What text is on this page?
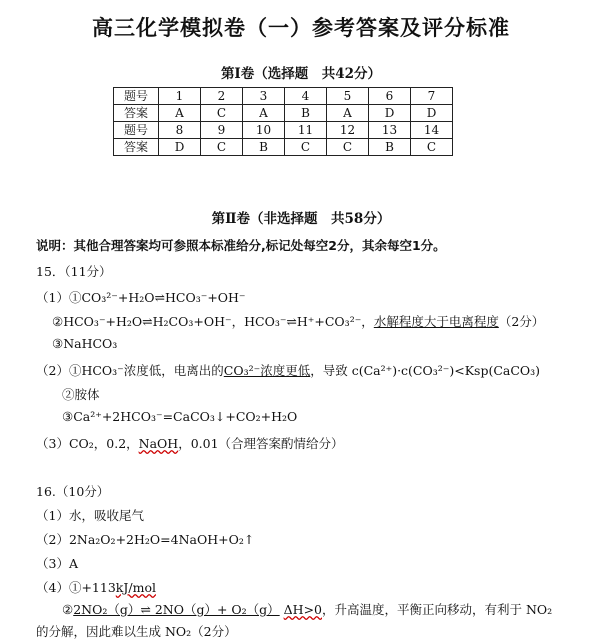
高三化学模拟卷（一）参考答案及评分标准
第Ⅰ卷（选择题　共42分）
题号	1	2	3	4	5	6	7
答案	A	C	A	B	A	D	D
题号	8	9	10	11	12	13	14
答案	D	C	B	C	C	B	C
第Ⅱ卷（非选择题　共58分）
说明：其他合理答案均可参照本标准给分,标记处每空2分，其余每空1分。
15．（11分）
（1）①CO₃²⁻+H₂O⇌HCO₃⁻+OH⁻
②HCO₃⁻+H₂O⇌H₂CO₃+OH⁻，HCO₃⁻⇌H⁺+CO₃²⁻，水解程度大于电离程度（2分）
③NaHCO₃
（2）①HCO₃⁻浓度低，电离出的CO₃²⁻浓度更低，导致 c(Ca²⁺)·c(CO₃²⁻)<Ksp(CaCO₃)
②胺体
③Ca²⁺+2HCO₃⁻=CaCO₃↓+CO₂+H₂O
（3）CO₂，0.2，NaOH，0.01（合理答案酌情给分）
16.（10分）
（1）水，吸收尾气
（2）2Na₂O₂+2H₂O=4NaOH+O₂↑
（3）A
（4）①+113kJ/mol
②2NO₂（g）⇌ 2NO（g）+ O₂（g） ΔH>0，升高温度，平衡正向移动，有利于 NO₂
的分解，因此难以生成 NO₂（2分）
